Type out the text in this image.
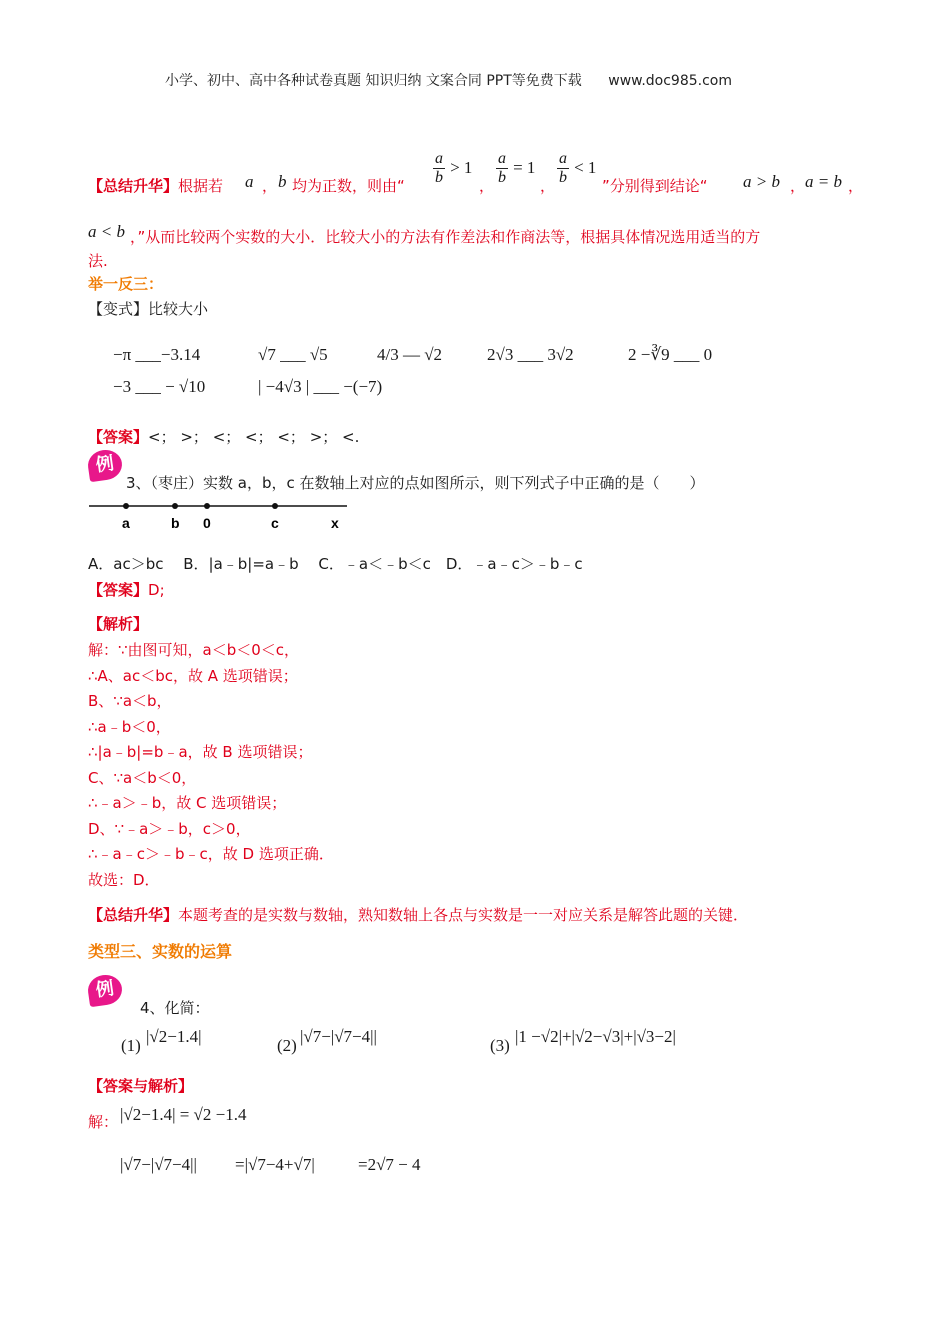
小学、初中、高中各种试卷真题 知识归纳 文案合同 PPT等免费下载 www.doc985.com
【总结升华】根据若 a ， b 均为正数，则由“ $\frac{a}{b} > 1$
， $\frac{a}{b} = 1$
， $\frac{a}{b} < 1$
”分别得到结论“ a > b ， a = b ，
a < b ，”从而比较两个实数的大小．比较大小的方法有作差法和作商法等，根据具体情况选用适当的方
法.
举一反三：
【变式】比较大小
−π ___−3.14	√7 ___ √5	4/3 — √2	2√3 ___ 3√2	2 −∛9 ___ 0
−3 ___ − √10	| −4√3 | ___ −(−7)
【答案】<； >； <； <； <； >； <.
例
3、（枣庄）实数 a，b，c 在数轴上对应的点如图所示，则下列式子中正确的是（　　）
a	b 0	c	x
A．ac＞bc　 B．|a﹣b|=a﹣b　 C．﹣a＜﹣b＜c　D．﹣a﹣c＞﹣b﹣c
【答案】D;
【解析】
解：∵由图可知，a＜b＜0＜c，
∴A、ac＜bc，故 A 选项错误；
B、∵a＜b，
∴a﹣b＜0，
∴|a﹣b|=b﹣a，故 B 选项错误；
C、∵a＜b＜0，
∴﹣a＞﹣b，故 C 选项错误；
D、∵﹣a＞﹣b，c＞0，
∴﹣a﹣c＞﹣b﹣c，故 D 选项正确．
故选：D．
【总结升华】本题考查的是实数与数轴，熟知数轴上各点与实数是一一对应关系是解答此题的关键．
类型三、实数的运算
例
4、化简：
(1) |√2−1.4|	(2) |√7−|√7−4||	(3) |1 −√2|+|√2−√3|+|√3−2|
【答案与解析】
解： |√2−1.4| = √2 −1.4
|√7−|√7−4|| =|√7−4+√7|	=2√7 − 4
